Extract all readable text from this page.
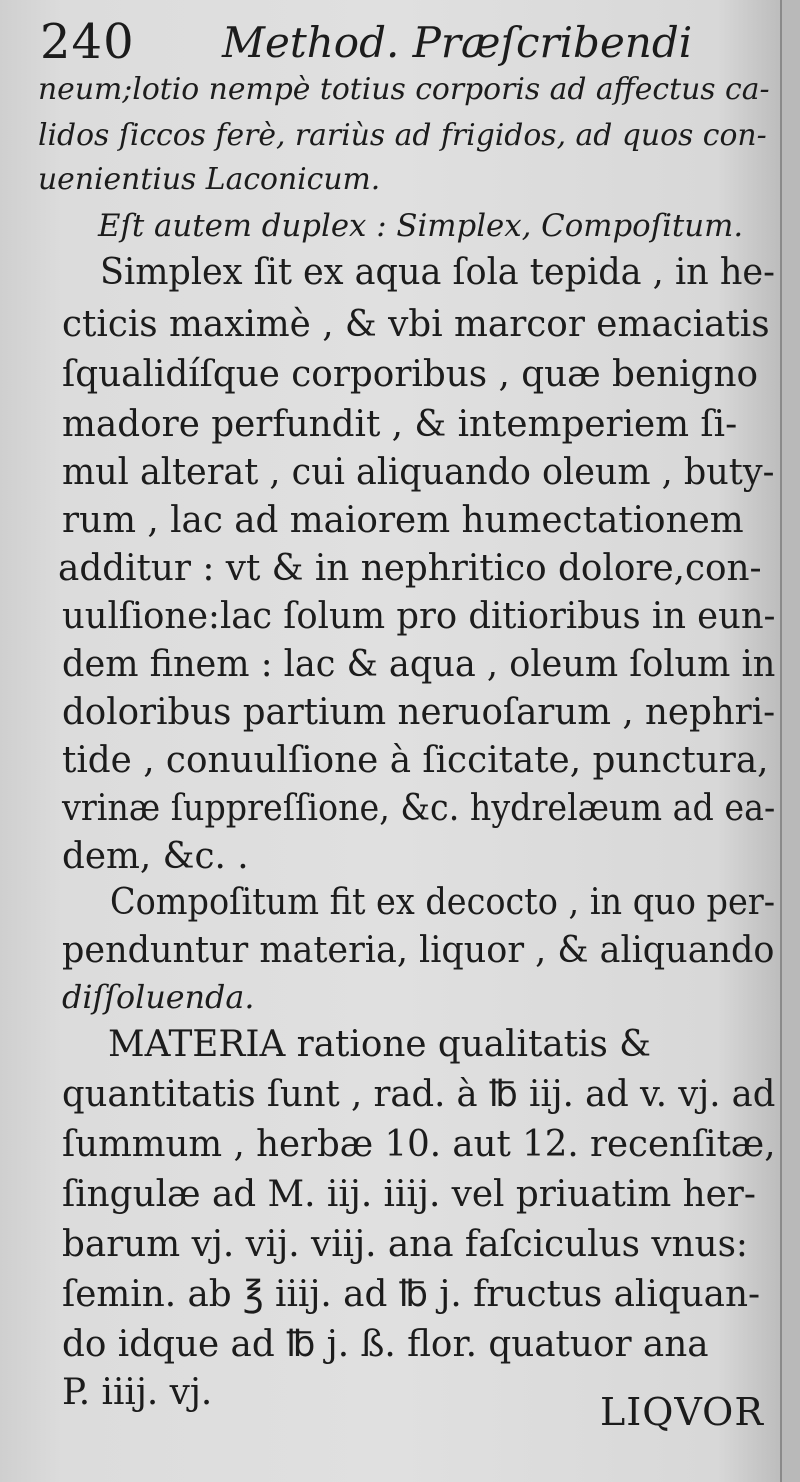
240 Method. Præſcribendi
neum;lotio nempè totius corporis ad affectus ca-
lidos ſiccos ferè, rariùs ad frigidos, ad quos con-
uenientius Laconicum.
Eſt autem duplex : Simplex, Compoſitum.
Simplex ſit ex aqua ſola tepida , in he-
cticis maximè , & vbi marcor emaciatis
ſqualidíſque corporibus , quæ benigno
madore perfundit , & intemperiem ſi-
mul alterat , cui aliquando oleum , buty-
rum , lac ad maiorem humectationem
additur : vt & in nephritico dolore,con-
uulſione:lac ſolum pro ditioribus in eun-
dem finem : lac & aqua , oleum ſolum in
doloribus partium neruoſarum , nephri-
tide , conuulſione à ſiccitate, punctura,
vrinæ ſuppreſſione, &c. hydrelæum ad ea-
dem, &c. .
Compoſitum fit ex decocto , in quo per-
penduntur materia, liquor , & aliquando
diſſoluenda.
MATERIA ratione qualitatis &
quantitatis ſunt , rad. à ℔ iij. ad v. vj. ad
ſummum , herbæ 10. aut 12. recenſitæ,
ſingulæ ad M. iij. iiij. vel priuatim her-
barum vj. vij. viij. ana faſciculus vnus:
ſemin. ab ℥ iiij. ad ℔ j. fructus aliquan-
do idque ad ℔ j. ß. flor. quatuor ana
P. iiij. vj.	LIQVOR
